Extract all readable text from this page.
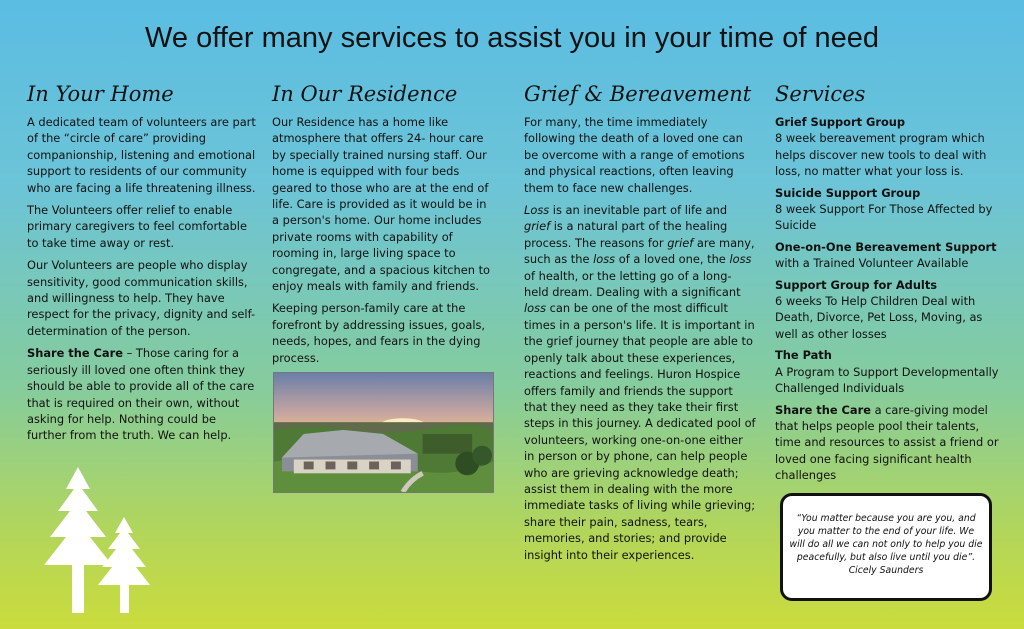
We offer many services to assist you in your time of need
In Your Home

A dedicated team of volunteers are part of the “circle of care” providing companionship, listening and emotional support to residents of our community who are facing a life threatening illness.

The Volunteers offer relief to enable primary caregivers to feel comfortable to take time away or rest.

Our Volunteers are people who display sensitivity, good communication skills, and willingness to help. They have respect for the privacy, dignity and self-determination of the person.

Share the Care – Those caring for a seriously ill loved one often think they should be able to provide all of the care that is required on their own, without asking for help. Nothing could be further from the truth. We can help.

In Our Residence

Our Residence has a home like atmosphere that offers 24- hour care by specially trained nursing staff. Our home is equipped with four beds geared to those who are at the end of life. Care is provided as it would be in a person's home. Our home includes private rooms with capability of rooming in, large living space to congregate, and a spacious kitchen to enjoy meals with family and friends.

Keeping person-family care at the forefront by addressing issues, goals, needs, hopes, and fears in the dying process.

Grief & Bereavement

For many, the time immediately following the death of a loved one can be overcome with a range of emotions and physical reactions, often leaving them to face new challenges.

Loss is an inevitable part of life and grief is a natural part of the healing process. The reasons for grief are many, such as the loss of a loved one, the loss of health, or the letting go of a long-held dream. Dealing with a significant loss can be one of the most difficult times in a person's life. It is important in the grief journey that people are able to openly talk about these experiences, reactions and feelings. Huron Hospice offers family and friends the support that they need as they take their first steps in this journey. A dedicated pool of volunteers, working one-on-one either in person or by phone, can help people who are grieving acknowledge death; assist them in dealing with the more immediate tasks of living while grieving; share their pain, sadness, tears, memories, and stories; and provide insight into their experiences.

Services

Grief Support Group
8 week bereavement program which helps discover new tools to deal with loss, no matter what your loss is.

Suicide Support Group
8 week Support For Those Affected by Suicide

One-on-One Bereavement Support
with a Trained Volunteer Available

Support Group for Adults
6 weeks To Help Children Deal with Death, Divorce, Pet Loss, Moving, as well as other losses

The Path
A Program to Support Developmentally Challenged Individuals

Share the Care a care-giving model that helps people pool their talents, time and resources to assist a friend or loved one facing significant health challenges

“You matter because you are you, and you matter to the end of your life. We will do all we can not only to help you die peacefully, but also live until you die”.
Cicely Saunders
